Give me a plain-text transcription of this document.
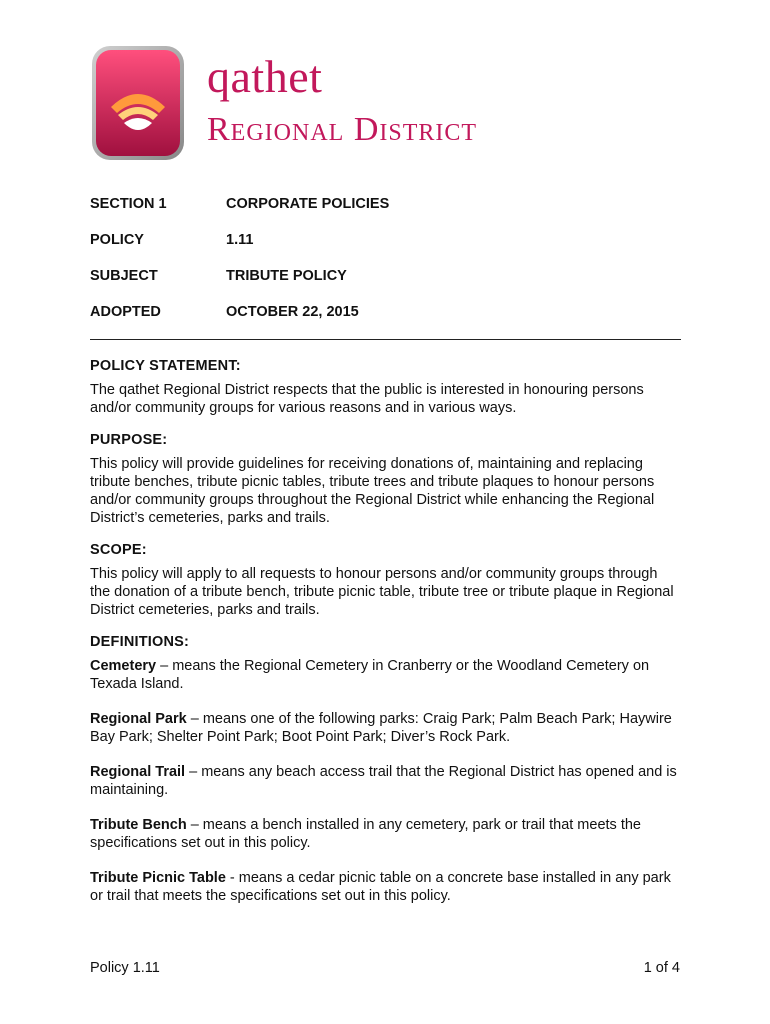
qathet
Regional District
SECTION 1	CORPORATE POLICIES
POLICY	1.11
SUBJECT	TRIBUTE POLICY
ADOPTED	OCTOBER 22, 2015

POLICY STATEMENT:

The qathet Regional District respects that the public is interested in honouring persons and/or community groups for various reasons and in various ways.

PURPOSE:

This policy will provide guidelines for receiving donations of, maintaining and replacing tribute benches, tribute picnic tables, tribute trees and tribute plaques to honour persons and/or community groups throughout the Regional District while enhancing the Regional District’s cemeteries, parks and trails.

SCOPE:

This policy will apply to all requests to honour persons and/or community groups through the donation of a tribute bench, tribute picnic table, tribute tree or tribute plaque in Regional District cemeteries, parks and trails.

DEFINITIONS:

Cemetery – means the Regional Cemetery in Cranberry or the Woodland Cemetery on Texada Island.

Regional Park – means one of the following parks: Craig Park; Palm Beach Park; Haywire Bay Park; Shelter Point Park; Boot Point Park; Diver’s Rock Park.

Regional Trail – means any beach access trail that the Regional District has opened and is maintaining.

Tribute Bench – means a bench installed in any cemetery, park or trail that meets the specifications set out in this policy.

Tribute Picnic Table - means a cedar picnic table on a concrete base installed in any park or trail that meets the specifications set out in this policy.

Policy 1.11	1 of 4
